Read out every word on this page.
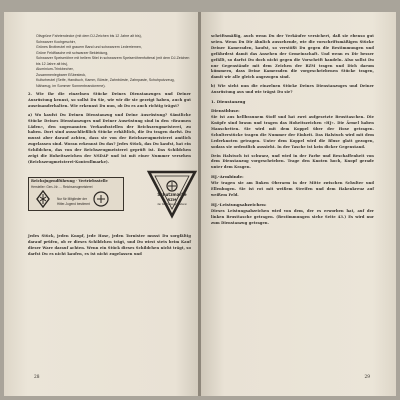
Olivgrüne Fahrtendecke (mit dem DJ-Zeichen bis 12 Jahre alt bis),
Schwarzer Kochgeschirr,
Grünes Brotbeutel mit grauem Band und schwarzem Lederriemen,
Grüne Feldflasche mit schwarzer Bekleidung,
Schwarzer Speiseröhre mit hellem Stiel in schwarzem Speiseröhrenfutteral (mit dem DJ-Zeichen bis 12 Jahre alt bis),
Aluminium-Trinkbecher,
Zusammenlegbarer Eßbesteck,
Kulturbeutel (Seife, Handtuch, Kamm, Bürste, Zahnbürste, Zahnpaste, Schuhputzzeug, Nähzeug, im Sommer Sonnenbrandcreme).

2. Wie ihr die einzelnen Stücke Deines Dienstanzuges und Deiner Ausrüstung kennst, so sollst Du Sie, wie wir dir sie gezeigt haben, auch gut auseinanderhalten. Wie erkennst Du nun, ob Du es auch richtig trägst?

a) Wo kaufst Du Deinen Dienstanzug und Deine Ausrüstung? Sämtliche Stücke Deines Dienstanzuges und Deiner Ausrüstung sind in den »Braunen Läden«, den sogenannten Verkaufsstellen der Reichszeugmeisterei, zu haben. Dort sind ausschließlich Stücke erhältlich, die Du tragen darfst. Du musst aber darauf achten, dass sie von der Reichszeugmeisterei amtlich zugelassen sind. Woran erkennst Du das? Jedes Stück, das Du kaufst, hat ein Schildchen, das von der Reichszeugmeisterei geprüft ist. Das Schildchen zeigt die Hoheitszeichen der NSDAP und ist mit einer Nummer versehen (Reichszeugmeisterei-Kontrollmarke).

Reichsjugendführung · Vertriebsstelle
Hersteller: Gen.-Nr. ... Reichszeugmeisterei
Nur für Mitglieder der
Hitler-Jugend bestimmt
Schutzmarke
RZM
der Reichszeugmeisterei

Jedes Stück, jeden Knopf, jede Hose, jeden Tornister musst Du sorgfältig darauf prüfen, ob er dieses Schildchen trägt, und Du wirst stets beim Kauf dieser Ware darauf achten. Wenn ein Stück dieses Schildchen nicht trägt, so darfst Du es nicht kaufen, es ist nicht zugelassen und

28

schriftsmäßig, auch wenn Du der Verkäufer versichert, daß sie ebenso gut seien. Wenn Du Dir ähnlich aussehende, wie die vorschriftsmäßigen Stücke Deiner Kameraden, kaufst, so verstößt Du gegen die Bestimmungen und gefährdest damit das Ansehen der Gemeinschaft. Und wenn es Dir besser gefällt, so darfst Du doch nicht gegen die Vorschrift handeln. Also sollst Du nur Gegenstände mit dem Zeichen der RZM tragen und Dich darum kümmern, dass Deine Kameraden die vorgeschriebenen Stücke tragen, damit wir alle gleich angezogen sind.

b) Wie sieht nun die einzelnen Stücke Deines Dienstanzuges und Deiner Ausrüstung aus und wie trägst Du sie?

1. Dienstanzug
Dienstbluse:

Sie ist aus hellbraunem Stoff und hat zwei aufgesetzte Brusttaschen. Die Knöpfe sind braun und tragen das Hoheitszeichen »HJ«. Die Ärmel haben Manschetten. Sie wird mit dem Koppel über der Hose getragen. Schulterstücke tragen die Nummer der Einheit. Das Halstuch wird mit dem Lederknoten getragen. Unter dem Koppel wird die Bluse glatt gezogen, sodass sie ordentlich aussieht. In der Tasche ist kein dicker Gegenstand.

Dein Halstuch ist schwarz, und wird in der Farbe und Beschaffenheit von dem Dienstanzug vorgeschrieben. Trage den Knoten hoch, Knopf gerade unter dem Kragen.

HJ.-Armbinde:

Wir tragen sie am linken Oberarm in der Mitte zwischen Schulter und Ellenbogen. Sie ist rot mit weißem Streifen und dem Hakenkreuz auf weißem Feld.

HJ.-Leistungsabzeichen:

Dieses Leistungsabzeichen wird von dem, der es erworben hat, auf der linken Brusttasche getragen. (Bestimmungen siehe Seite 43.) Es wird nur zum Dienstanzug getragen.

29
